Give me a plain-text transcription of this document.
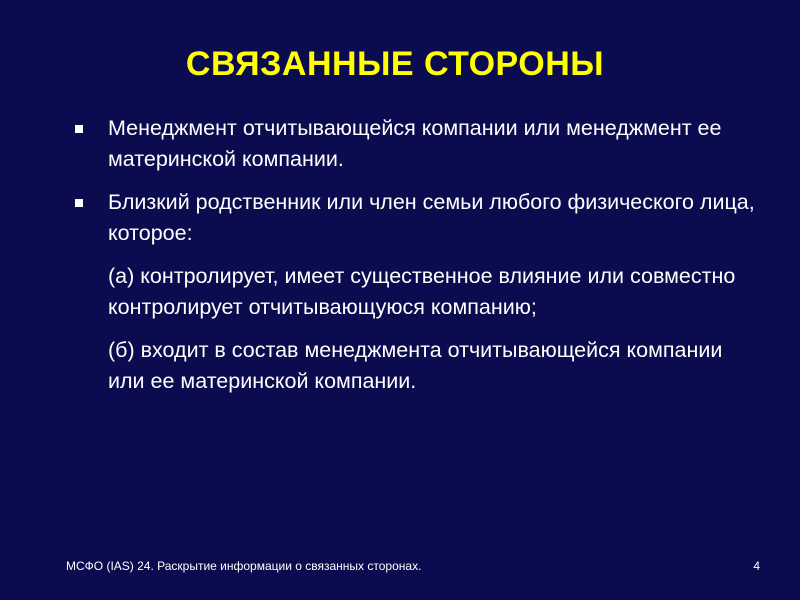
СВЯЗАННЫЕ СТОРОНЫ
Менеджмент отчитывающейся компании или менеджмент ее материнской компании.
Близкий родственник или член семьи любого физического лица, которое:
(а) контролирует, имеет существенное влияние или совместно контролирует отчитывающуюся компанию;
(б) входит в состав менеджмента отчитывающейся компании или ее материнской компании.
МСФО (IAS) 24. Раскрытие информации о связанных сторонах.	4
